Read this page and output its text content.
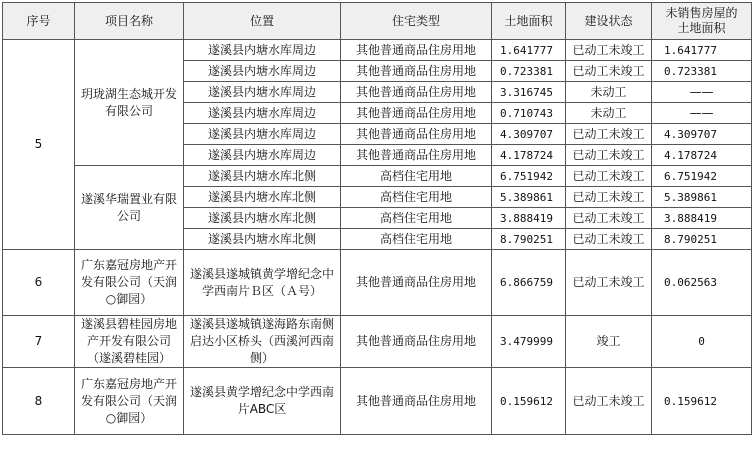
序号	项目名称	位置	住宅类型	土地面积	建设状态	未销售房屋的
土地面积
5	玥珑湖生态城开发有限公司	遂溪县内塘水库周边	其他普通商品住房用地	1.641777	已动工未竣工	1.641777
		遂溪县内塘水库周边	其他普通商品住房用地	0.723381	已动工未竣工	0.723381
		遂溪县内塘水库周边	其他普通商品住房用地	3.316745	未动工	——
		遂溪县内塘水库周边	其他普通商品住房用地	0.710743	未动工	——
		遂溪县内塘水库周边	其他普通商品住房用地	4.309707	已动工未竣工	4.309707
		遂溪县内塘水库周边	其他普通商品住房用地	4.178724	已动工未竣工	4.178724
	遂溪华瑞置业有限公司	遂溪县内塘水库北侧	高档住宅用地	6.751942	已动工未竣工	6.751942
		遂溪县内塘水库北侧	高档住宅用地	5.389861	已动工未竣工	5.389861
		遂溪县内塘水库北侧	高档住宅用地	3.888419	已动工未竣工	3.888419
		遂溪县内塘水库北侧	高档住宅用地	8.790251	已动工未竣工	8.790251
6	广东嘉冠房地产开发有限公司（天润○御园）	遂溪县遂城镇黄学增纪念中学西南片Ｂ区（Ａ号）	其他普通商品住房用地	6.866759	已动工未竣工	0.062563
7	遂溪县碧桂园房地产开发有限公司（遂溪碧桂园）	遂溪县遂城镇遂海路东南侧启达小区桥头（西溪河西南侧）	其他普通商品住房用地	3.479999	竣工	0
8	广东嘉冠房地产开发有限公司（天润○御园）	遂溪县黄学增纪念中学西南片ABC区	其他普通商品住房用地	0.159612	已动工未竣工	0.159612
